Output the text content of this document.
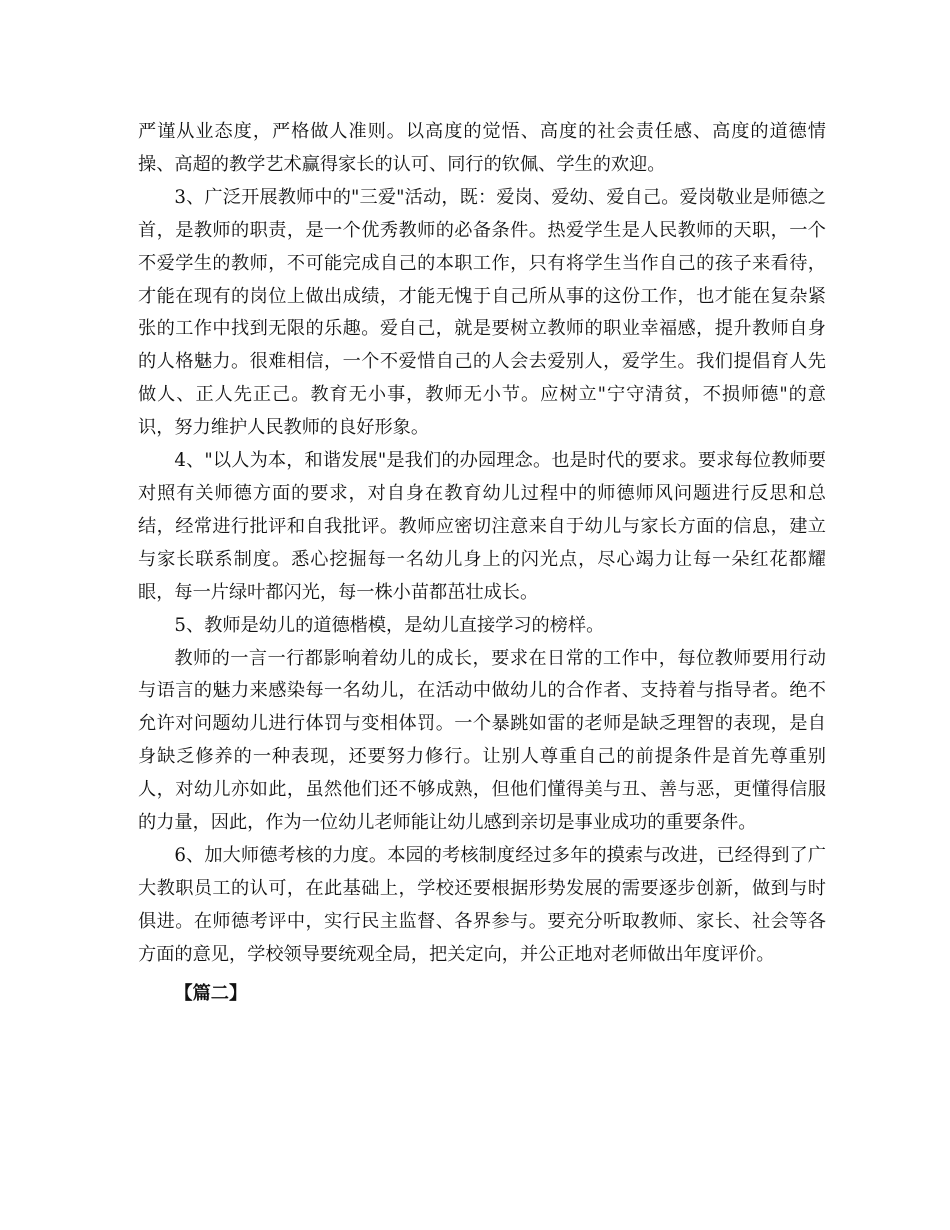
严谨从业态度，严格做人准则。以高度的觉悟、高度的社会责任感、高度的道德情操、高超的教学艺术赢得家长的认可、同行的钦佩、学生的欢迎。

3、广泛开展教师中的"三爱"活动，既：爱岗、爱幼、爱自己。爱岗敬业是师德之首，是教师的职责，是一个优秀教师的必备条件。热爱学生是人民教师的天职，一个不爱学生的教师，不可能完成自己的本职工作，只有将学生当作自己的孩子来看待，才能在现有的岗位上做出成绩，才能无愧于自己所从事的这份工作，也才能在复杂紧张的工作中找到无限的乐趣。爱自己，就是要树立教师的职业幸福感，提升教师自身的人格魅力。很难相信，一个不爱惜自己的人会去爱别人，爱学生。我们提倡育人先做人、正人先正己。教育无小事，教师无小节。应树立"宁守清贫，不损师德"的意识，努力维护人民教师的良好形象。

4、"以人为本，和谐发展"是我们的办园理念。也是时代的要求。要求每位教师要对照有关师德方面的要求，对自身在教育幼儿过程中的师德师风问题进行反思和总结，经常进行批评和自我批评。教师应密切注意来自于幼儿与家长方面的信息，建立与家长联系制度。悉心挖掘每一名幼儿身上的闪光点，尽心竭力让每一朵红花都耀眼，每一片绿叶都闪光，每一株小苗都茁壮成长。

5、教师是幼儿的道德楷模，是幼儿直接学习的榜样。

教师的一言一行都影响着幼儿的成长，要求在日常的工作中，每位教师要用行动与语言的魅力来感染每一名幼儿，在活动中做幼儿的合作者、支持着与指导者。绝不允许对问题幼儿进行体罚与变相体罚。一个暴跳如雷的老师是缺乏理智的表现，是自身缺乏修养的一种表现，还要努力修行。让别人尊重自己的前提条件是首先尊重别人，对幼儿亦如此，虽然他们还不够成熟，但他们懂得美与丑、善与恶，更懂得信服的力量，因此，作为一位幼儿老师能让幼儿感到亲切是事业成功的重要条件。

6、加大师德考核的力度。本园的考核制度经过多年的摸索与改进，已经得到了广大教职员工的认可，在此基础上，学校还要根据形势发展的需要逐步创新，做到与时俱进。在师德考评中，实行民主监督、各界参与。要充分听取教师、家长、社会等各方面的意见，学校领导要统观全局，把关定向，并公正地对老师做出年度评价。

【篇二】
